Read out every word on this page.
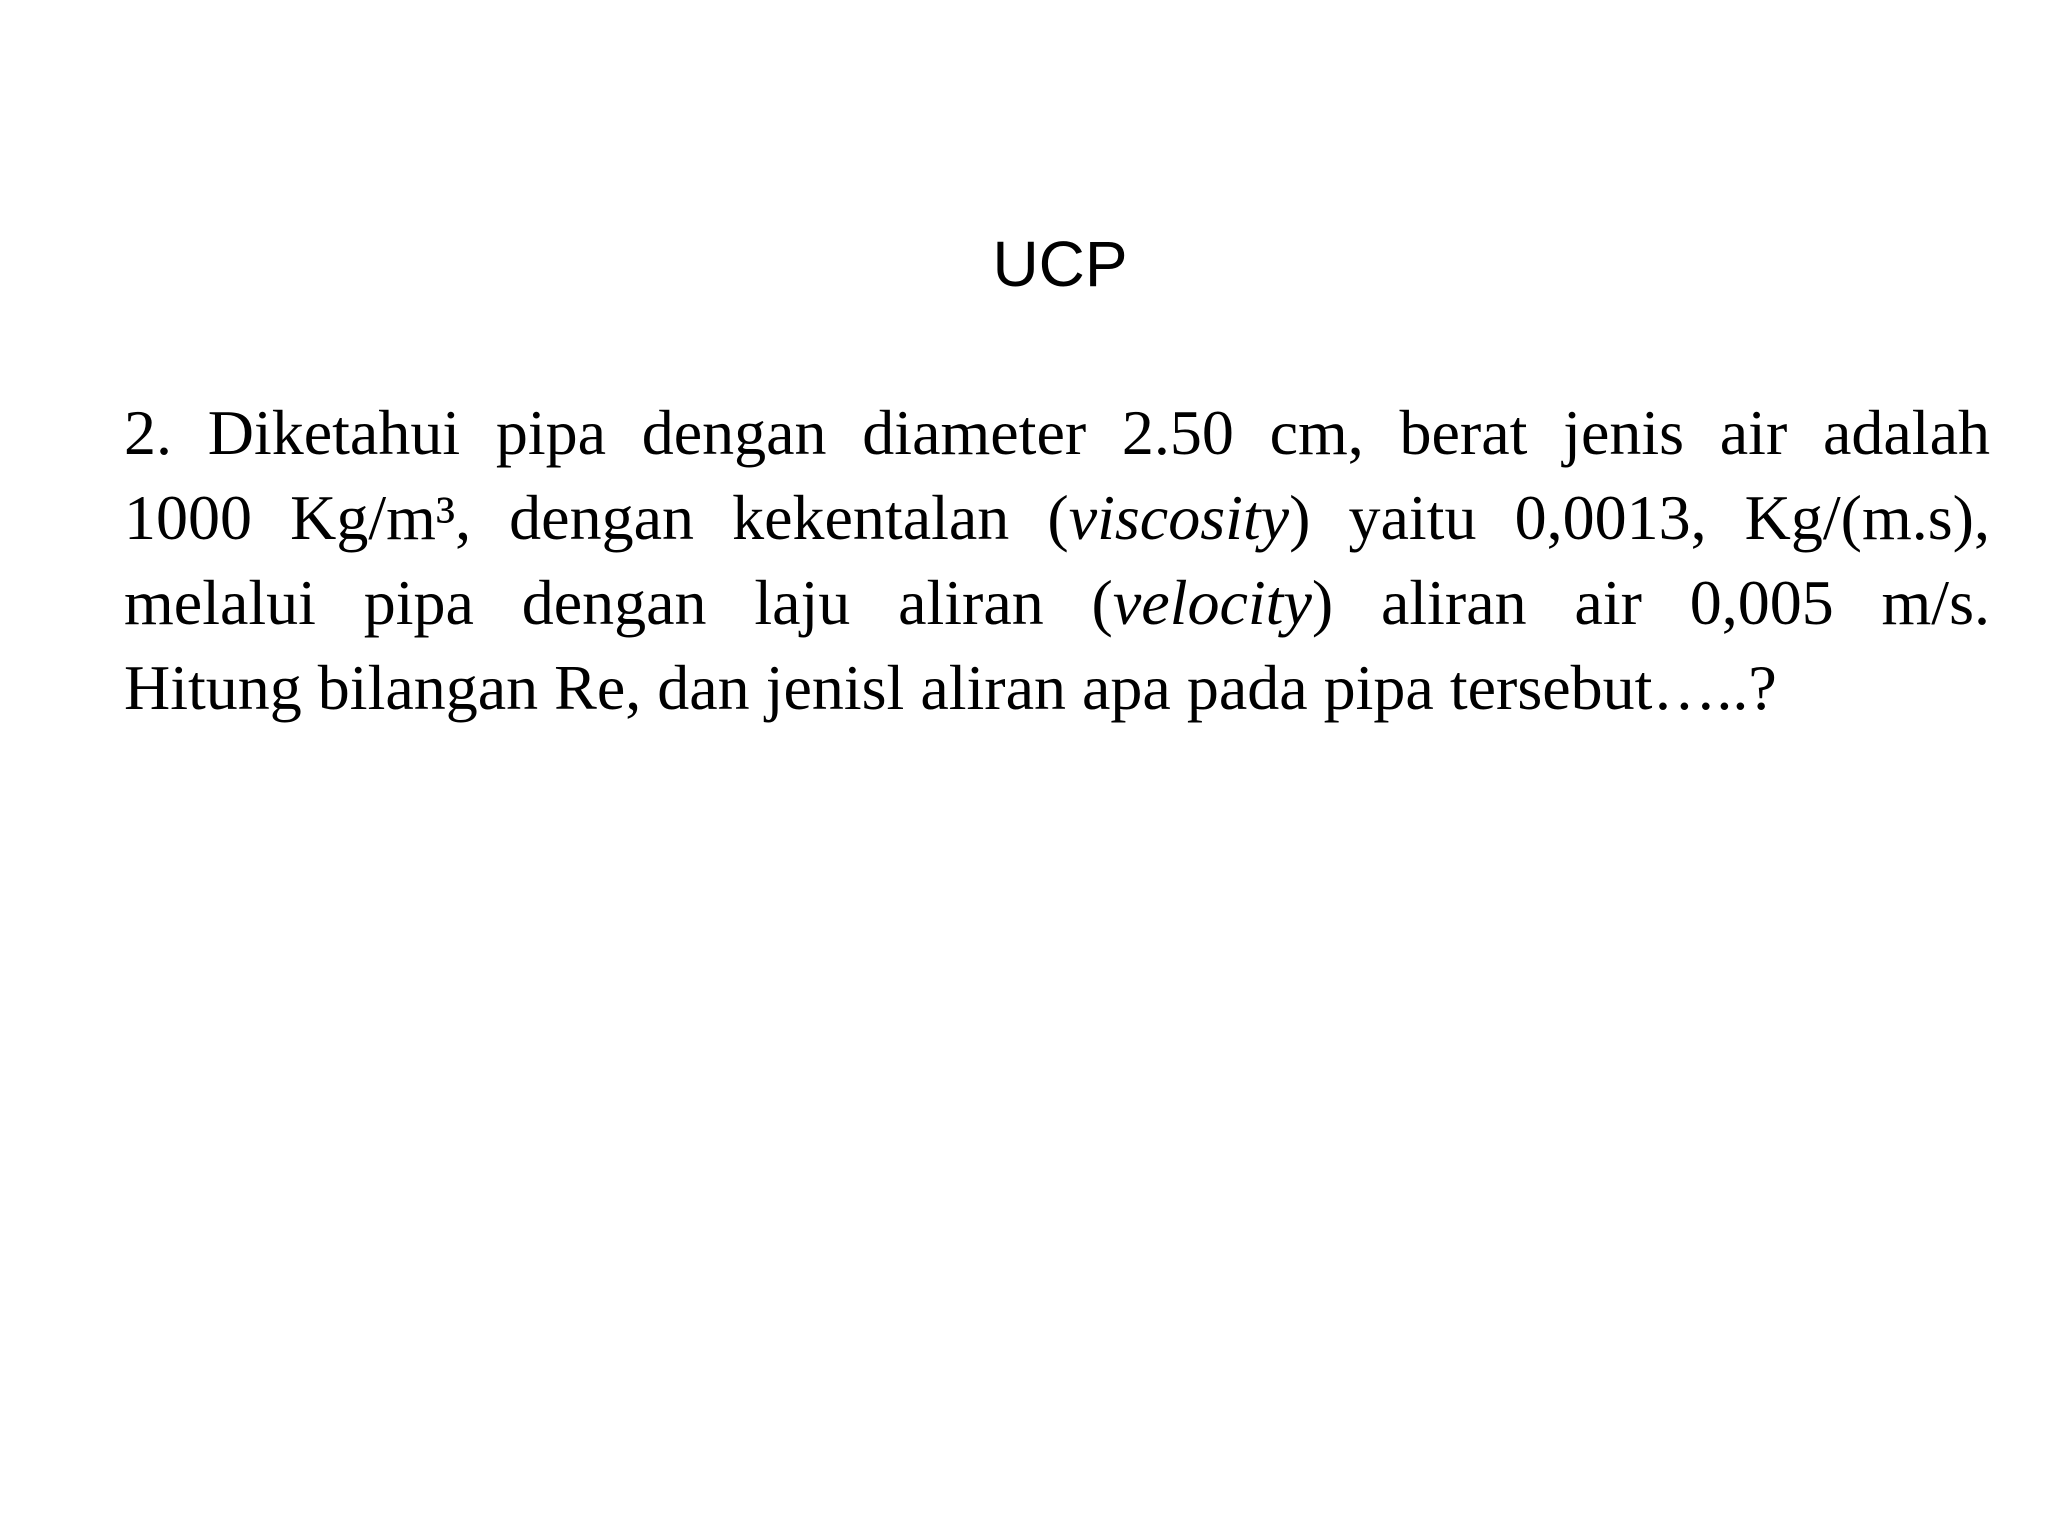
UCP
2. Diketahui pipa dengan diameter 2.50 cm, berat jenis air adalah
1000 Kg/m³, dengan kekentalan (viscosity) yaitu 0,0013, Kg/(m.s),
melalui pipa dengan laju aliran (velocity) aliran air 0,005 m/s.
Hitung bilangan Re, dan jenisl aliran apa pada pipa tersebut…..?
